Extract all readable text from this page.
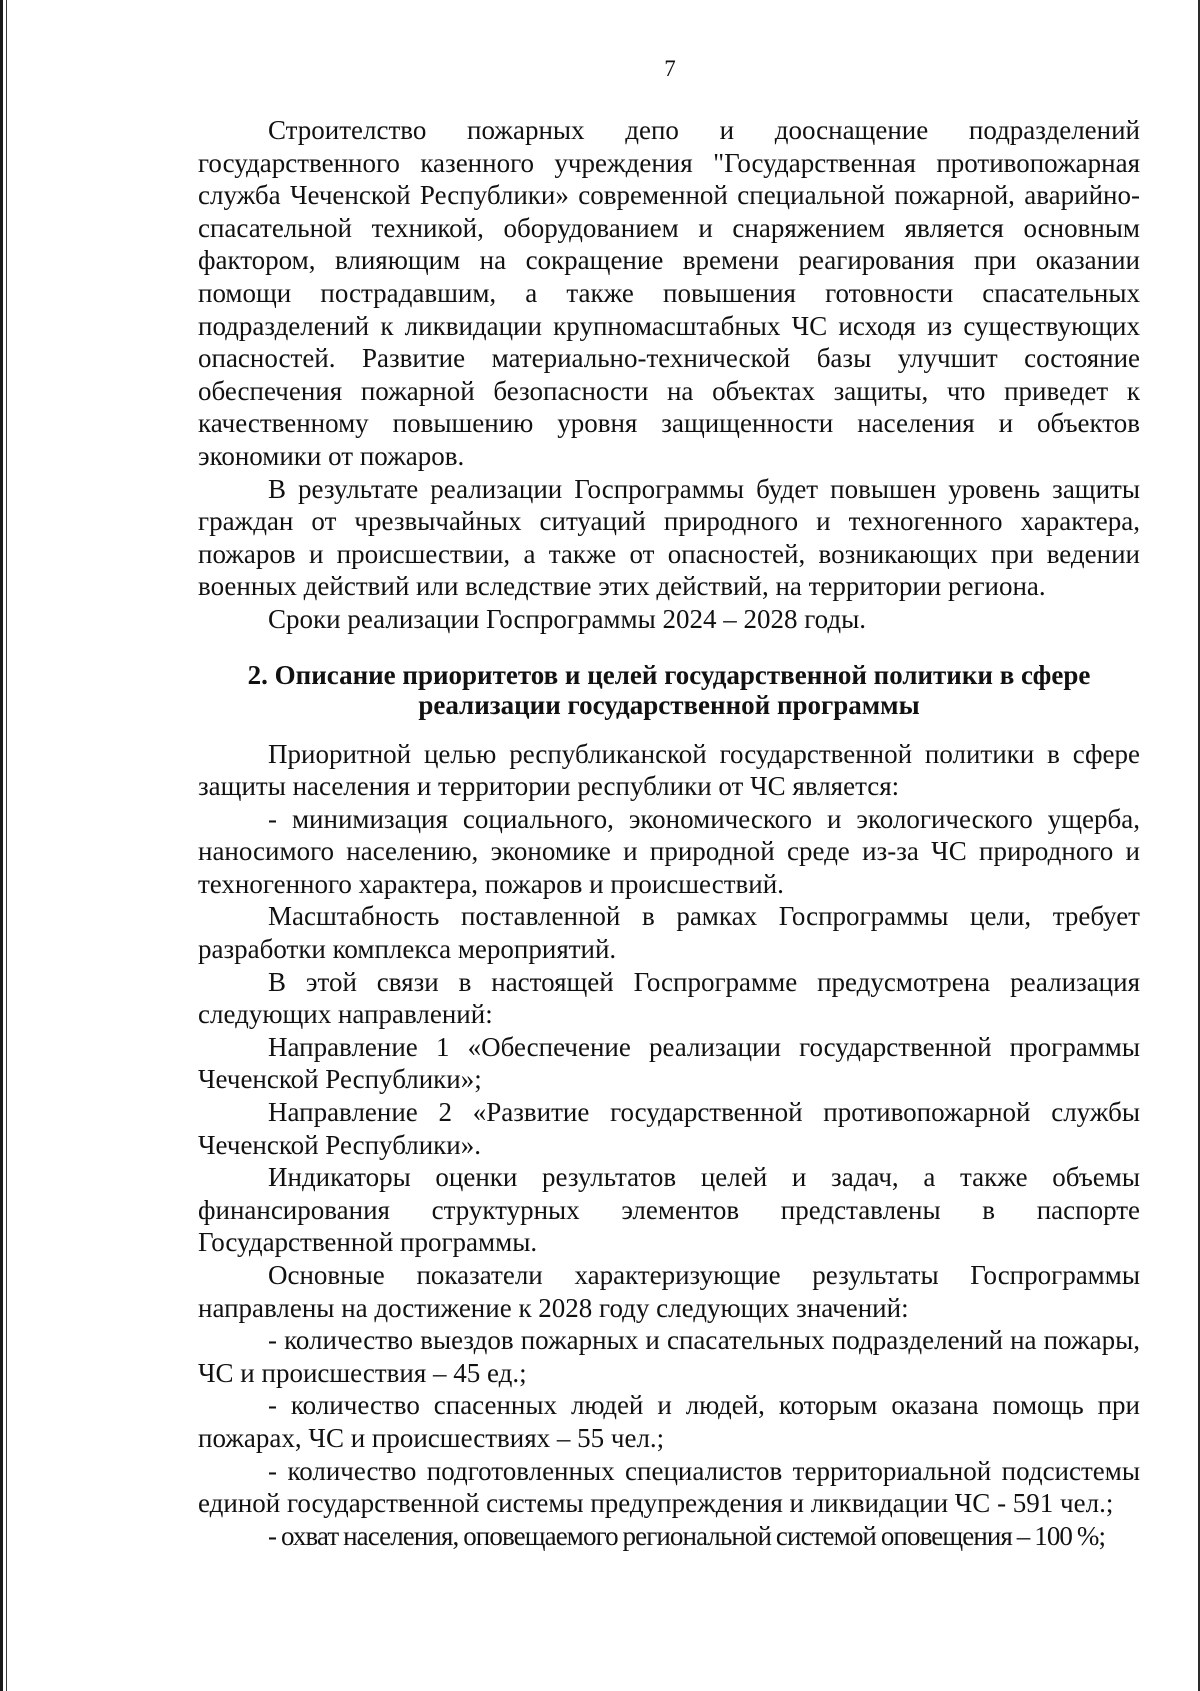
7

Строителство пожарных депо и дооснащение подразделений государственного казенного учреждения "Государственная противопожарная служба Чеченской Республики» современной специальной пожарной, аварийно-спасательной техникой, оборудованием и снаряжением является основным фактором, влияющим на сокращение времени реагирования при оказании помощи пострадавшим, а также повышения готовности спасательных подразделений к ликвидации крупномасштабных ЧС исходя из существующих опасностей. Развитие материально-технической базы улучшит состояние обеспечения пожарной безопасности на объектах защиты, что приведет к качественному повышению уровня защищенности населения и объектов экономики от пожаров.

В результате реализации Госпрограммы будет повышен уровень защиты граждан от чрезвычайных ситуаций природного и техногенного характера, пожаров и происшествии, а также от опасностей, возникающих при ведении военных действий или вследствие этих действий, на территории региона.

Сроки реализации Госпрограммы 2024 – 2028 годы.

2. Описание приоритетов и целей государственной политики в сфере
реализации государственной программы

Приоритной целью республиканской государственной политики в сфере защиты населения и территории республики от ЧС является:

- минимизация социального, экономического и экологического ущерба, наносимого населению, экономике и природной среде из-за ЧС природного и техногенного характера, пожаров и происшествий.

Масштабность поставленной в рамках Госпрограммы цели, требует разработки комплекса мероприятий.

В этой связи в настоящей Госпрограмме предусмотрена реализация следующих направлений:

Направление 1 «Обеспечение реализации государственной программы Чеченской Республики»;

Направление 2 «Развитие государственной противопожарной службы Чеченской Республики».

Индикаторы оценки результатов целей и задач, а также объемы финансирования структурных элементов представлены в паспорте Государственной программы.

Основные показатели характеризующие результаты Госпрограммы направлены на достижение к 2028 году следующих значений:

- количество выездов пожарных и спасательных подразделений на пожары, ЧС и происшествия – 45 ед.;

- количество спасенных людей и людей, которым оказана помощь при пожарах, ЧС и происшествиях – 55 чел.;

- количество подготовленных специалистов территориальной подсистемы единой государственной системы предупреждения и ликвидации ЧС - 591 чел.;

- охват населения, оповещаемого региональной системой оповещения – 100 %;
